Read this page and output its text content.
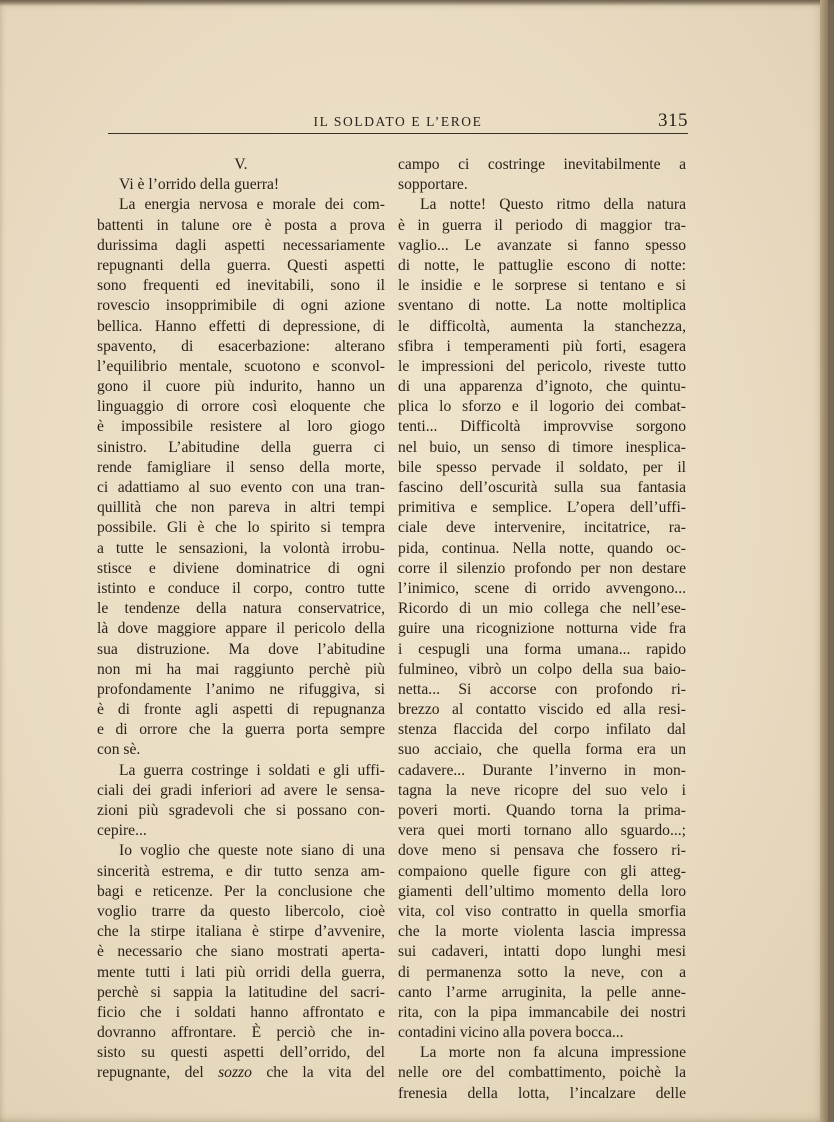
IL SOLDATO E L’EROE	315
V.
Vi è l’orrido della guerra!
La energia nervosa e morale dei com-
battenti in talune ore è posta a prova
durissima dagli aspetti necessariamente
repugnanti della guerra. Questi aspetti
sono frequenti ed inevitabili, sono il
rovescio insopprimibile di ogni azione
bellica. Hanno effetti di depressione, di
spavento, di esacerbazione: alterano
l’equilibrio mentale, scuotono e sconvol-
gono il cuore più indurito, hanno un
linguaggio di orrore così eloquente che
è impossibile resistere al loro giogo
sinistro. L’abitudine della guerra ci
rende famigliare il senso della morte,
ci adattiamo al suo evento con una tran-
quillità che non pareva in altri tempi
possibile. Gli è che lo spirito si tempra
a tutte le sensazioni, la volontà irrobu-
stisce e diviene dominatrice di ogni
istinto e conduce il corpo, contro tutte
le tendenze della natura conservatrice,
là dove maggiore appare il pericolo della
sua distruzione. Ma dove l’abitudine
non mi ha mai raggiunto perchè più
profondamente l’animo ne rifuggiva, si
è di fronte agli aspetti di repugnanza
e di orrore che la guerra porta sempre
con sè.
La guerra costringe i soldati e gli uffi-
ciali dei gradi inferiori ad avere le sensa-
zioni più sgradevoli che si possano con-
cepire...
Io voglio che queste note siano di una
sincerità estrema, e dir tutto senza am-
bagi e reticenze. Per la conclusione che
voglio trarre da questo libercolo, cioè
che la stirpe italiana è stirpe d’avvenire,
è necessario che siano mostrati aperta-
mente tutti i lati più orridi della guerra,
perchè si sappia la latitudine del sacri-
ficio che i soldati hanno affrontato e
dovranno affrontare. È perciò che in-
sisto su questi aspetti dell’orrido, del
repugnante, del sozzo che la vita del
campo ci costringe inevitabilmente a
sopportare.
La notte! Questo ritmo della natura
è in guerra il periodo di maggior tra-
vaglio... Le avanzate si fanno spesso
di notte, le pattuglie escono di notte:
le insidie e le sorprese si tentano e si
sventano di notte. La notte moltiplica
le difficoltà, aumenta la stanchezza,
sfibra i temperamenti più forti, esagera
le impressioni del pericolo, riveste tutto
di una apparenza d’ignoto, che quintu-
plica lo sforzo e il logorio dei combat-
tenti... Difficoltà improvvise sorgono
nel buio, un senso di timore inesplica-
bile spesso pervade il soldato, per il
fascino dell’oscurità sulla sua fantasia
primitiva e semplice. L’opera dell’uffi-
ciale deve intervenire, incitatrice, ra-
pida, continua. Nella notte, quando oc-
corre il silenzio profondo per non destare
l’inimico, scene di orrido avvengono...
Ricordo di un mio collega che nell’ese-
guire una ricognizione notturna vide fra
i cespugli una forma umana... rapido
fulmineo, vibrò un colpo della sua baio-
netta... Si accorse con profondo ri-
brezzo al contatto viscido ed alla resi-
stenza flaccida del corpo infilato dal
suo acciaio, che quella forma era un
cadavere... Durante l’inverno in mon-
tagna la neve ricopre del suo velo i
poveri morti. Quando torna la prima-
vera quei morti tornano allo sguardo...;
dove meno si pensava che fossero ri-
compaiono quelle figure con gli atteg-
giamenti dell’ultimo momento della loro
vita, col viso contratto in quella smorfia
che la morte violenta lascia impressa
sui cadaveri, intatti dopo lunghi mesi
di permanenza sotto la neve, con a
canto l’arme arruginita, la pelle anne-
rita, con la pipa immancabile dei nostri
contadini vicino alla povera bocca...
La morte non fa alcuna impressione
nelle ore del combattimento, poichè la
frenesia della lotta, l’incalzare delle
